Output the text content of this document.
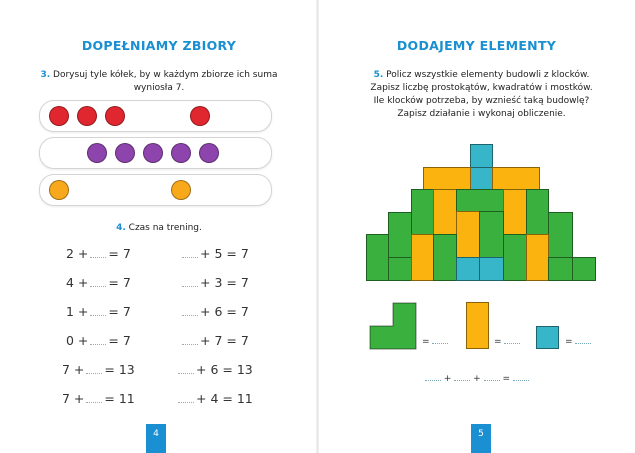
DOPEŁNIAMY ZBIORY
3. Dorysuj tyle kółek, by w każdym zbiorze ich suma
wyniosła 7.
4. Czas na trening.
2 + = 7
4 + = 7
1 + = 7
0 + = 7
7 + = 13
7 + = 11
+ 5 = 7
+ 3 = 7
+ 6 = 7
+ 7 = 7
+ 6 = 13
+ 4 = 11
4
DODAJEMY ELEMENTY
5. Policz wszystkie elementy budowli z klocków.
Zapisz liczbę prostokątów, kwadratów i mostków.
Ile klocków potrzeba, by wznieść taką budowlę?
Zapisz działanie i wykonaj obliczenie.
=	=	=
+ + =
5
